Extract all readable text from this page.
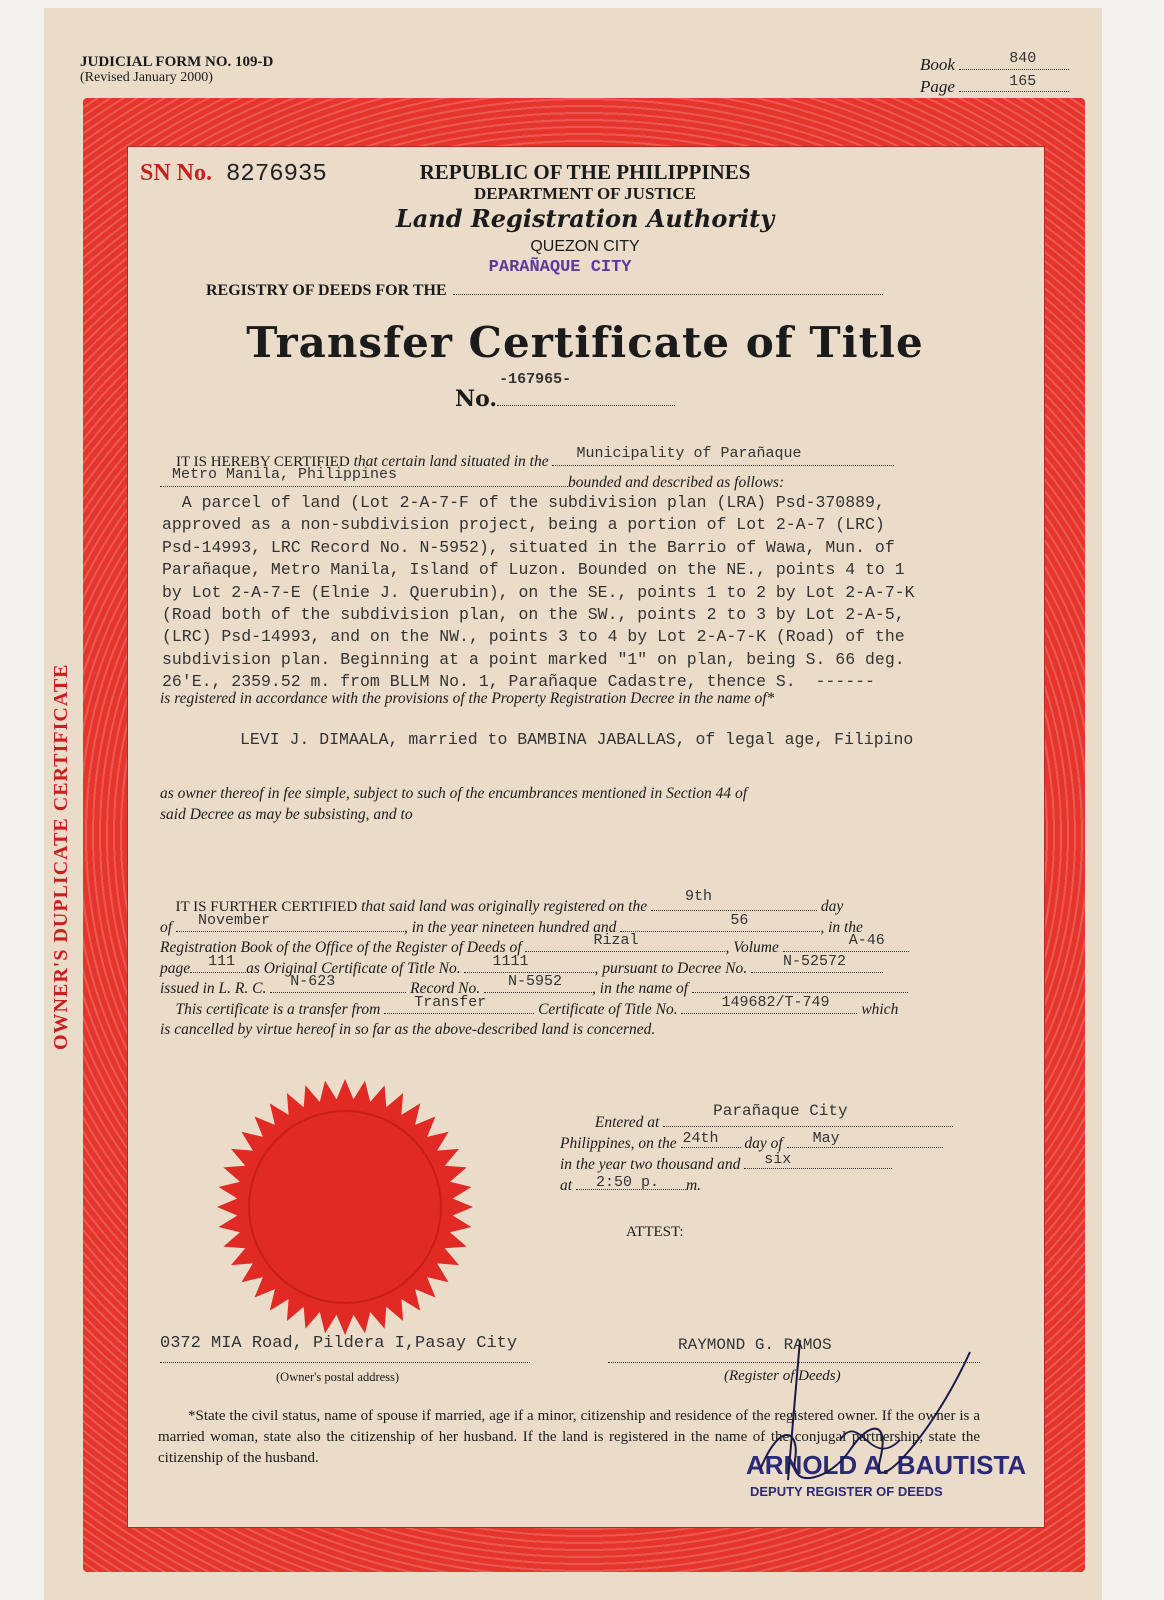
JUDICIAL FORM NO. 109-D
(Revised January 2000)
Book	840
Page	165
OWNER'S DUPLICATE CERTIFICATE
SN No. 8276935	REPUBLIC OF THE PHILIPPINES
DEPARTMENT OF JUSTICE
Land Registration Authority
QUEZON CITY
REGISTRY OF DEEDS FOR THE
PARAÑAQUE CITY
Transfer Certificate of Title
No.
-167965-
IT IS HEREBY CERTIFIED that certain land situated in the Municipality of Parañaque
Metro Manila, Philippines	bounded and described as follows:
A parcel of land (Lot 2-A-7-F of the subdivision plan (LRA) Psd-370889,
approved as a non-subdivision project, being a portion of Lot 2-A-7 (LRC)
Psd-14993, LRC Record No. N-5952), situated in the Barrio of Wawa, Mun. of
Parañaque, Metro Manila, Island of Luzon. Bounded on the NE., points 4 to 1
by Lot 2-A-7-E (Elnie J. Querubin), on the SE., points 1 to 2 by Lot 2-A-7-K
(Road both of the subdivision plan, on the SW., points 2 to 3 by Lot 2-A-5,
(LRC) Psd-14993, and on the NW., points 3 to 4 by Lot 2-A-7-K (Road) of the
subdivision plan. Beginning at a point marked "1" on plan, being S. 66 deg.
26'E., 2359.52 m. from BLLM No. 1, Parañaque Cadastre, thence S.  ------
is registered in accordance with the provisions of the Property Registration Decree in the name of*
LEVI J. DIMAALA, married to BAMBINA JABALLAS, of legal age, Filipino
as owner thereof in fee simple, subject to such of the encumbrances mentioned in Section 44 of
said Decree as may be subsisting, and to
IT IS FURTHER CERTIFIED that said land was originally registered on the
9th
day
of November	, in the year nineteen hundred and	56	, in the
Registration Book of the Office of the Register of Deeds of	Rizal	, Volume	A-46
page 111 as Original Certificate of Title No. 1111	, pursuant to Decree No. N-52572
issued in L. R. C. N-623	Record No. N-5952 , in the name of
This certificate is a transfer from Transfer	Certificate of Title No.	149682/T-749 which
is cancelled by virtue hereof in so far as the above-described land is concerned.
Entered at
Parañaque City
Philippines, on the 24th day of May
in the year two thousand and six
at 2:50 p. m.
ATTEST:
0372 MIA Road, Pildera I,Pasay City
(Owner's postal address)
RAYMOND G. RAMOS
(Register of Deeds)
*State the civil status, name of spouse if married, age if a minor, citizenship and residence of the registered owner. If the owner is a married woman, state also the citizenship of her husband. If the land is registered in the name of the conjugal partnership, state the citizenship of the husband.	ARNOLD A. BAUTISTA
DEPUTY REGISTER OF DEEDS
